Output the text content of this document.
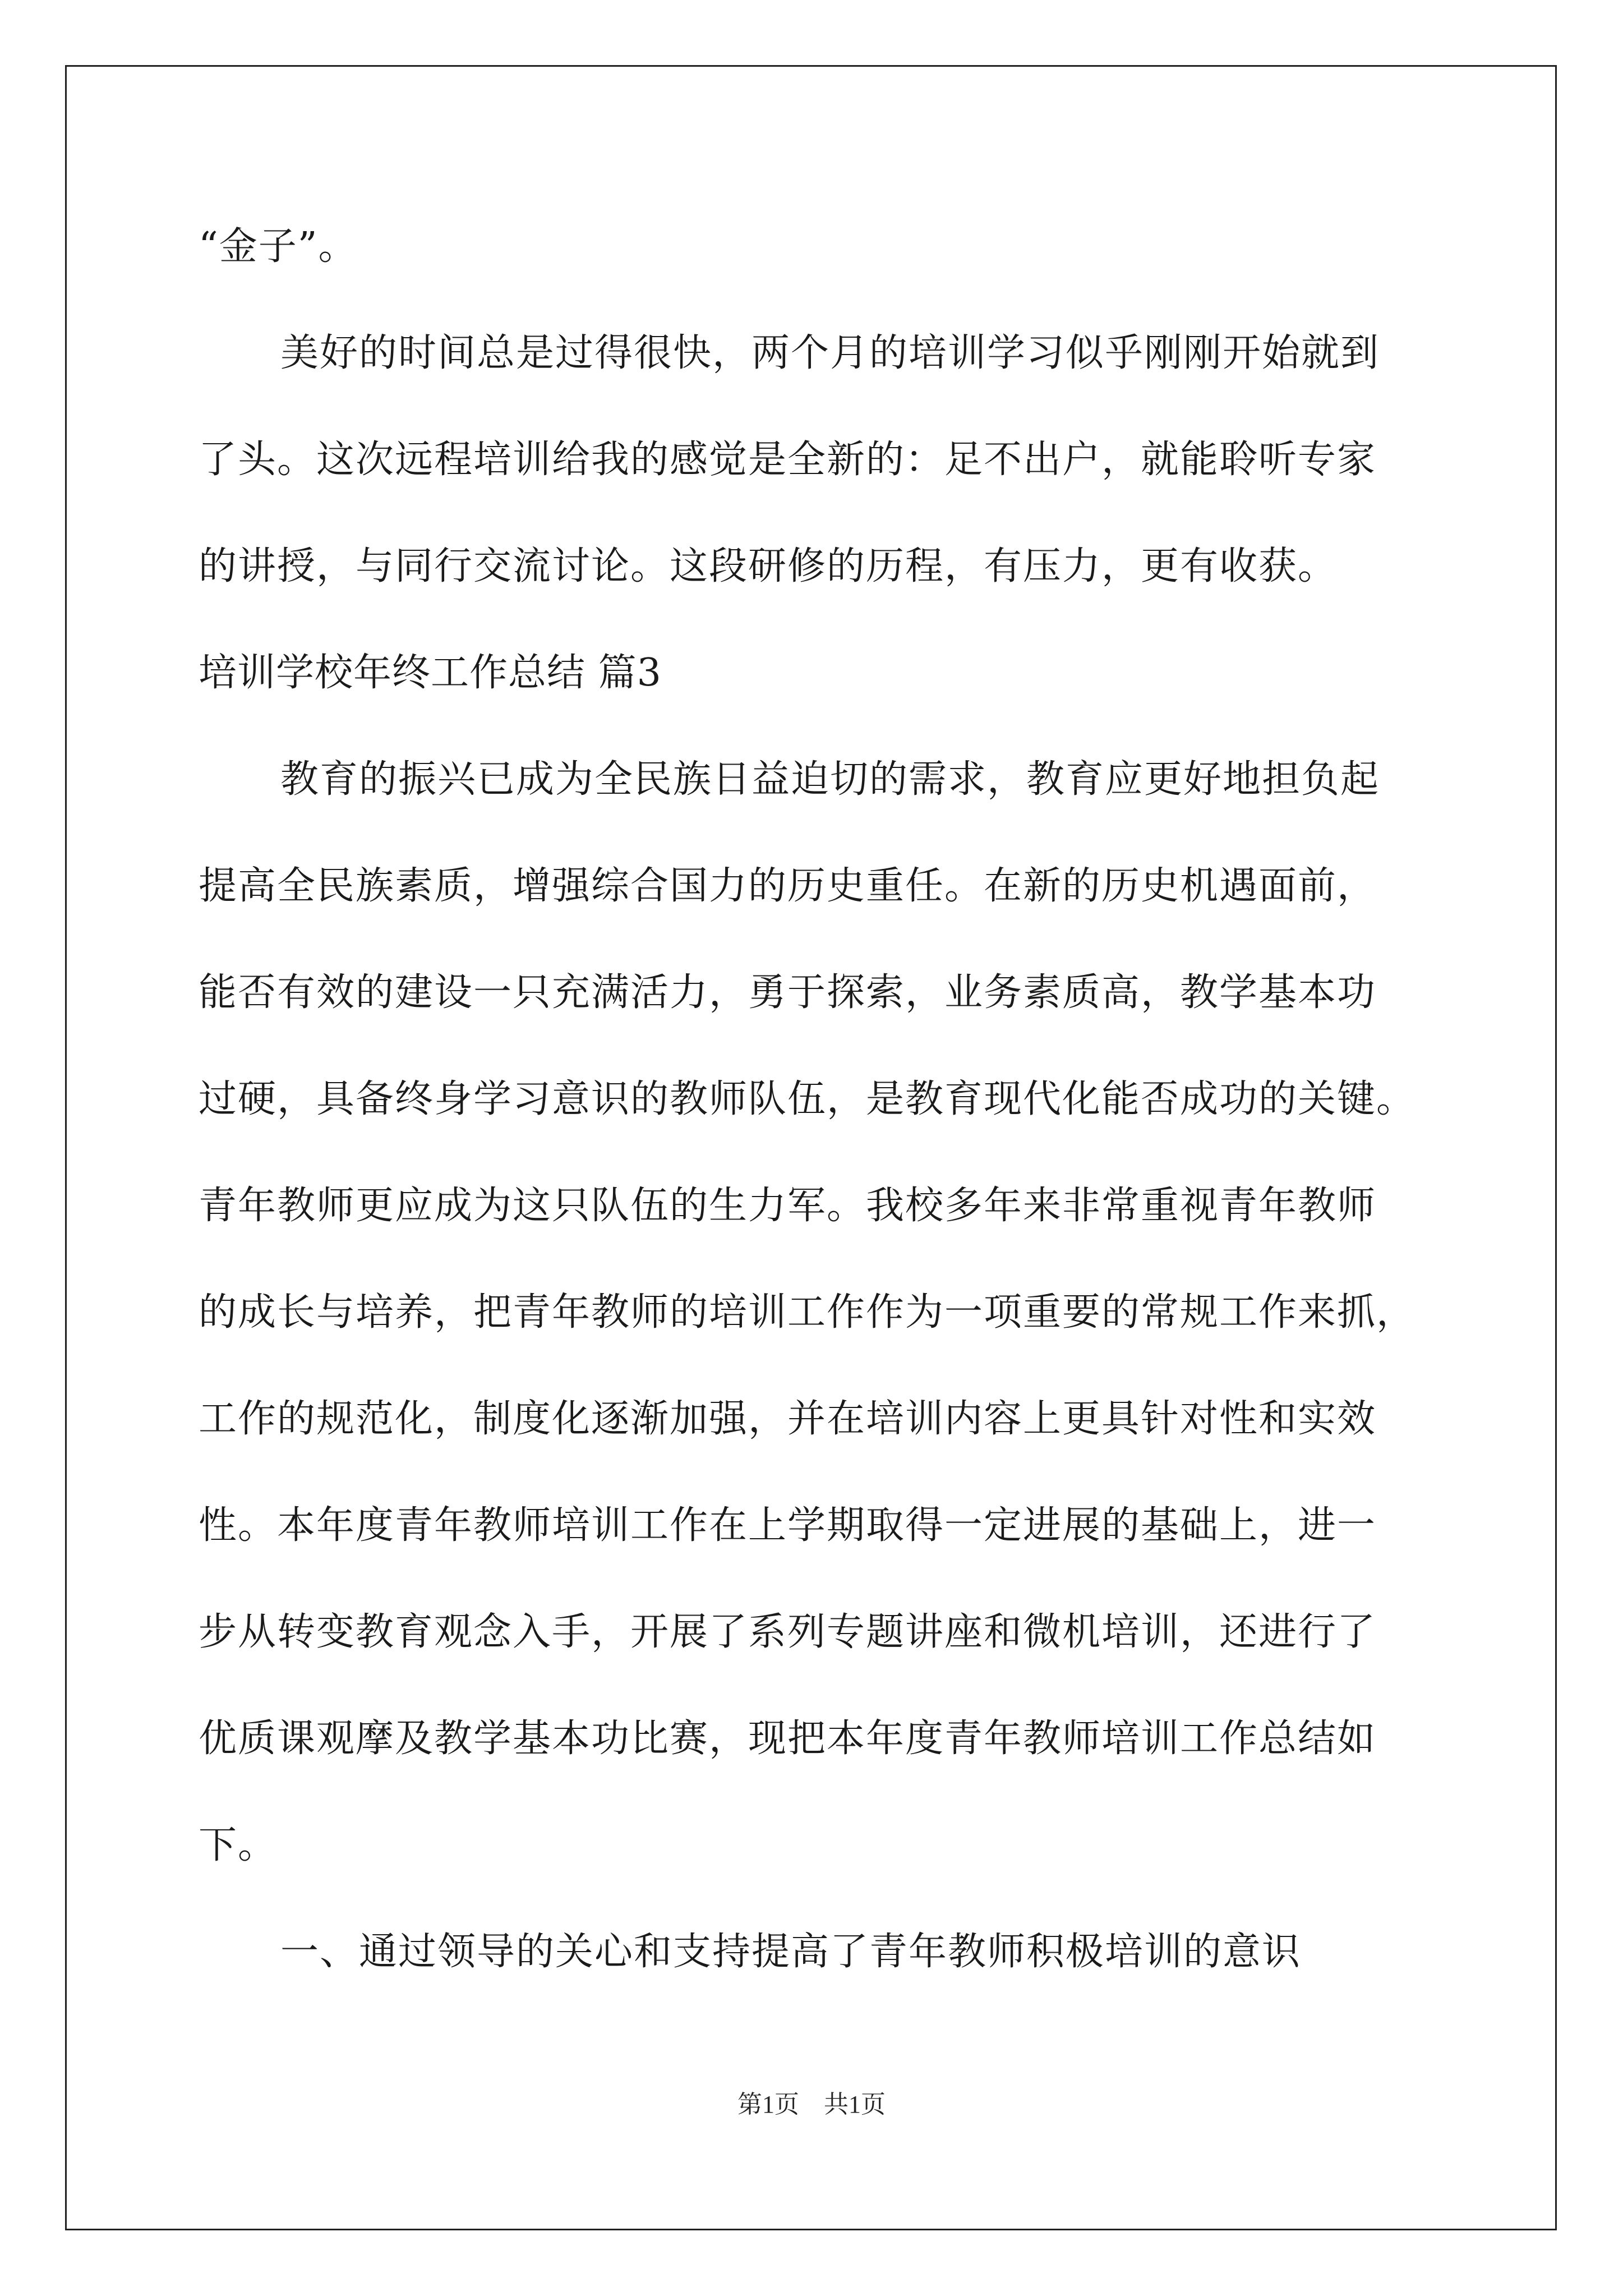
“金子”。
美好的时间总是过得很快，两个月的培训学习似乎刚刚开始就到
了头。这次远程培训给我的感觉是全新的：足不出户，就能聆听专家
的讲授，与同行交流讨论。这段研修的历程，有压力，更有收获。
培训学校年终工作总结 篇3
教育的振兴已成为全民族日益迫切的需求，教育应更好地担负起
提高全民族素质，增强综合国力的历史重任。在新的历史机遇面前，
能否有效的建设一只充满活力，勇于探索，业务素质高，教学基本功
过硬，具备终身学习意识的教师队伍，是教育现代化能否成功的关键。
青年教师更应成为这只队伍的生力军。我校多年来非常重视青年教师
的成长与培养，把青年教师的培训工作作为一项重要的常规工作来抓，
工作的规范化，制度化逐渐加强，并在培训内容上更具针对性和实效
性。本年度青年教师培训工作在上学期取得一定进展的基础上，进一
步从转变教育观念入手，开展了系列专题讲座和微机培训，还进行了
优质课观摩及教学基本功比赛，现把本年度青年教师培训工作总结如
下。
一、通过领导的关心和支持提高了青年教师积极培训的意识
第1页　共1页
